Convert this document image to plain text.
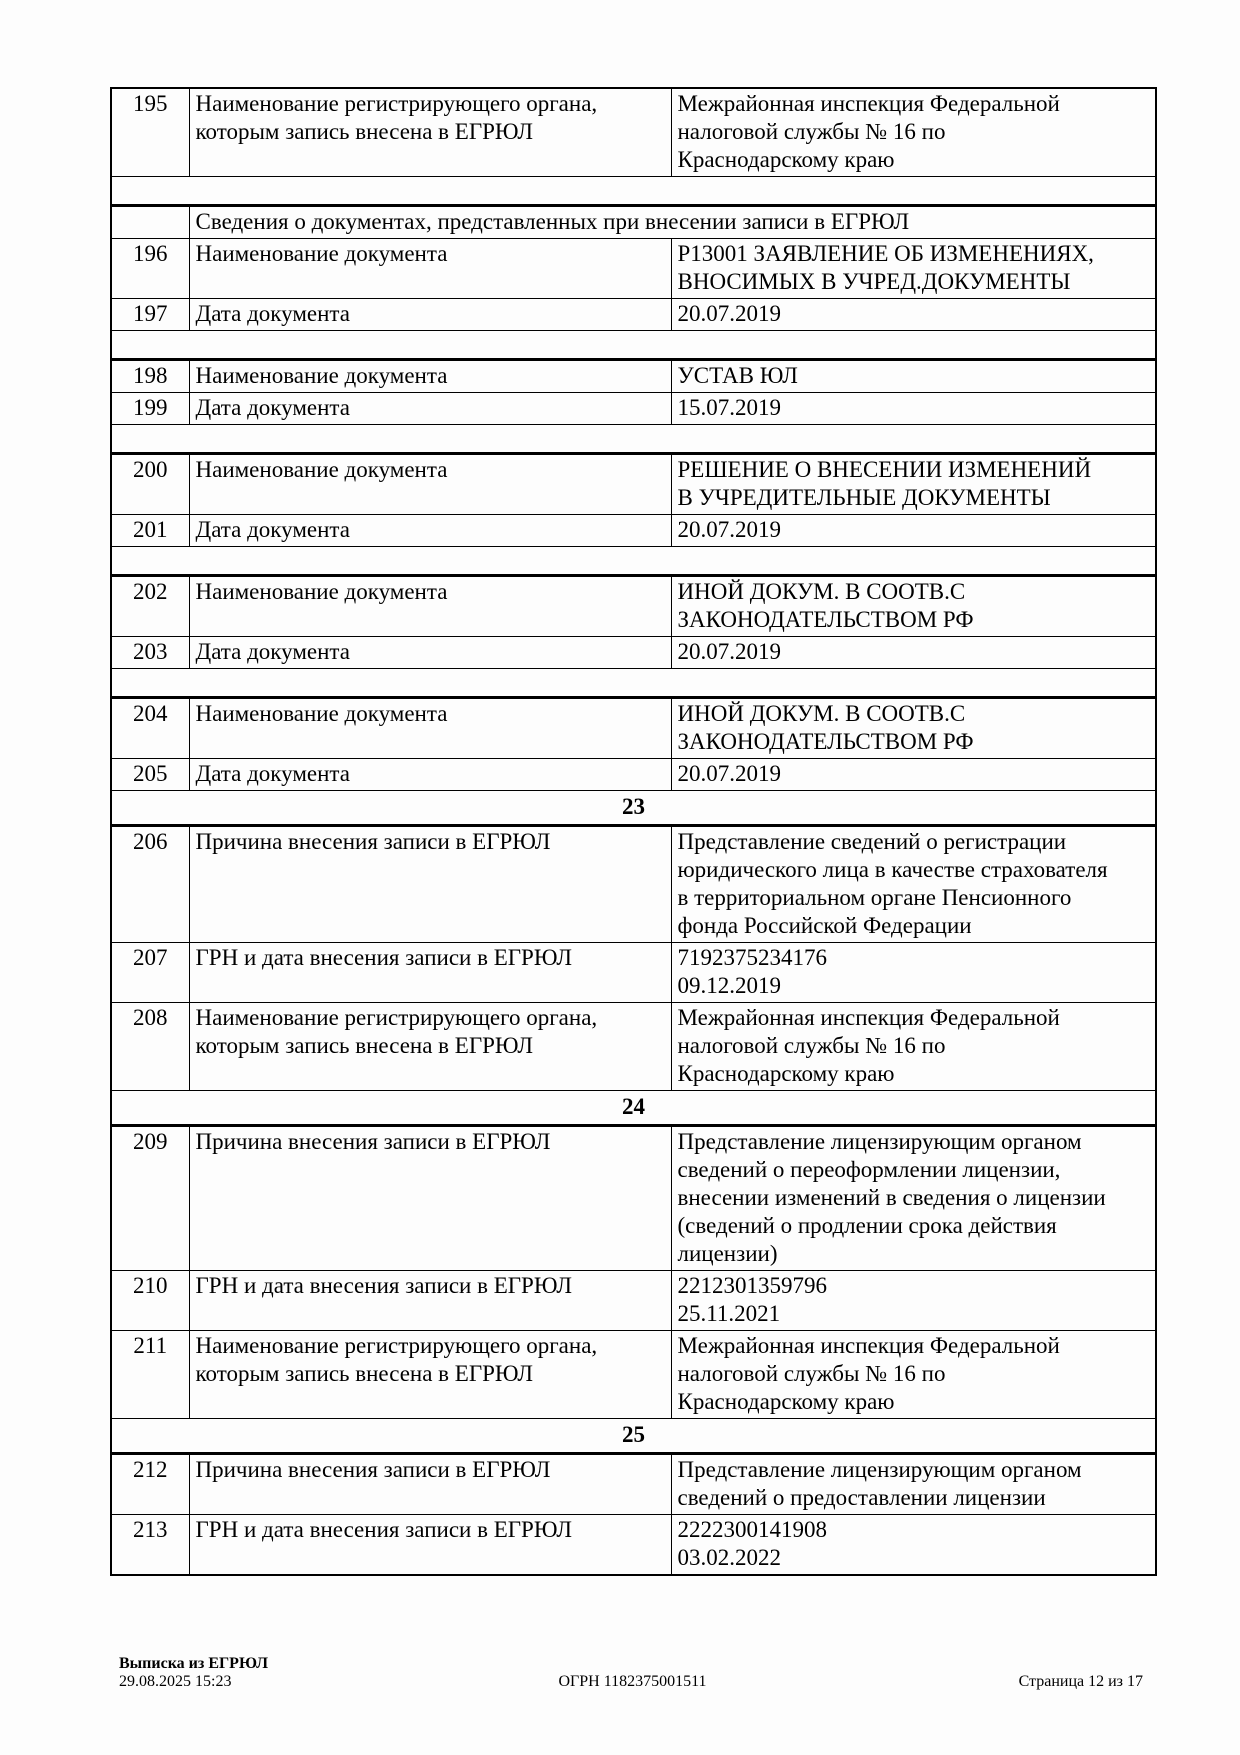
195	Наименование регистрирующего органа,
которым запись внесена в ЕГРЮЛ	Межрайонная инспекция Федеральной
налоговой службы № 16 по
Краснодарскому краю

	Сведения о документах, представленных при внесении записи в ЕГРЮЛ	
196	Наименование документа	Р13001 ЗАЯВЛЕНИЕ ОБ ИЗМЕНЕНИЯХ,
ВНОСИМЫХ В УЧРЕД.ДОКУМЕНТЫ
197	Дата документа	20.07.2019

198	Наименование документа	УСТАВ ЮЛ
199	Дата документа	15.07.2019

200	Наименование документа	РЕШЕНИЕ О ВНЕСЕНИИ ИЗМЕНЕНИЙ
В УЧРЕДИТЕЛЬНЫЕ ДОКУМЕНТЫ
201	Дата документа	20.07.2019

202	Наименование документа	ИНОЙ ДОКУМ. В СООТВ.С
ЗАКОНОДАТЕЛЬСТВОМ РФ
203	Дата документа	20.07.2019

204	Наименование документа	ИНОЙ ДОКУМ. В СООТВ.С
ЗАКОНОДАТЕЛЬСТВОМ РФ
205	Дата документа	20.07.2019
23		
206	Причина внесения записи в ЕГРЮЛ	Представление сведений о регистрации
юридического лица в качестве страхователя
в территориальном органе Пенсионного
фонда Российской Федерации
207	ГРН и дата внесения записи в ЕГРЮЛ	7192375234176
09.12.2019
208	Наименование регистрирующего органа,
которым запись внесена в ЕГРЮЛ	Межрайонная инспекция Федеральной
налоговой службы № 16 по
Краснодарскому краю
24		
209	Причина внесения записи в ЕГРЮЛ	Представление лицензирующим органом
сведений о переоформлении лицензии,
внесении изменений в сведения о лицензии
(сведений о продлении срока действия
лицензии)
210	ГРН и дата внесения записи в ЕГРЮЛ	2212301359796
25.11.2021
211	Наименование регистрирующего органа,
которым запись внесена в ЕГРЮЛ	Межрайонная инспекция Федеральной
налоговой службы № 16 по
Краснодарскому краю
25		
212	Причина внесения записи в ЕГРЮЛ	Представление лицензирующим органом
сведений о предоставлении лицензии
213	ГРН и дата внесения записи в ЕГРЮЛ	2222300141908
03.02.2022
Выписка из ЕГРЮЛ
29.08.2025 15:23	ОГРН 1182375001511	Страница 12 из 17
